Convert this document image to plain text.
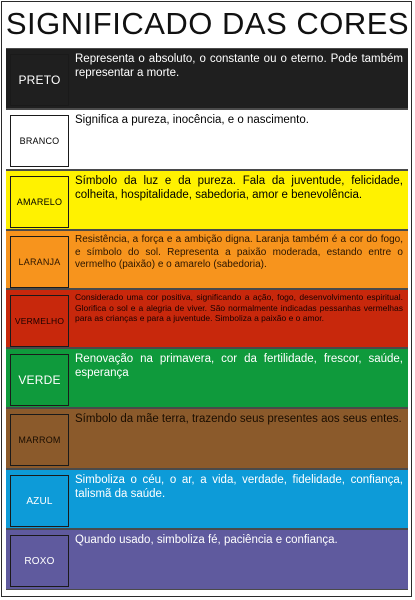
SIGNIFICADO DAS CORES
PRETO

Representa o absoluto, o constante ou o eterno. Pode também representar a morte.

BRANCO

Significa a pureza, inocência, e o nascimento.

AMARELO

Símbolo da luz e da pureza. Fala da juventude, felicidade, colheita, hospitalidade, sabedoria, amor e benevolência.

LARANJA

Resistência, a força e a ambição digna. Laranja também é a cor do fogo, e símbolo do sol. Representa a paixão moderada, estando entre o vermelho (paixão) e o amarelo (sabedoria).

VERMELHO

Considerado uma cor positiva, significando a ação, fogo, desenvolvimento espiritual. Glorifica o sol e a alegria de viver. São normalmente indicadas pessanhas vermelhas para as crianças e para a juventude. Simboliza a paixão e o amor.

VERDE

Renovação na primavera, cor da fertilidade, frescor, saúde, esperança

MARROM

Símbolo da mãe terra, trazendo seus presentes aos seus entes.

AZUL

Simboliza o céu, o ar, a vida, verdade, fidelidade, confiança, talismã da saúde.

ROXO

Quando usado, simboliza fé, paciência e confiança.
